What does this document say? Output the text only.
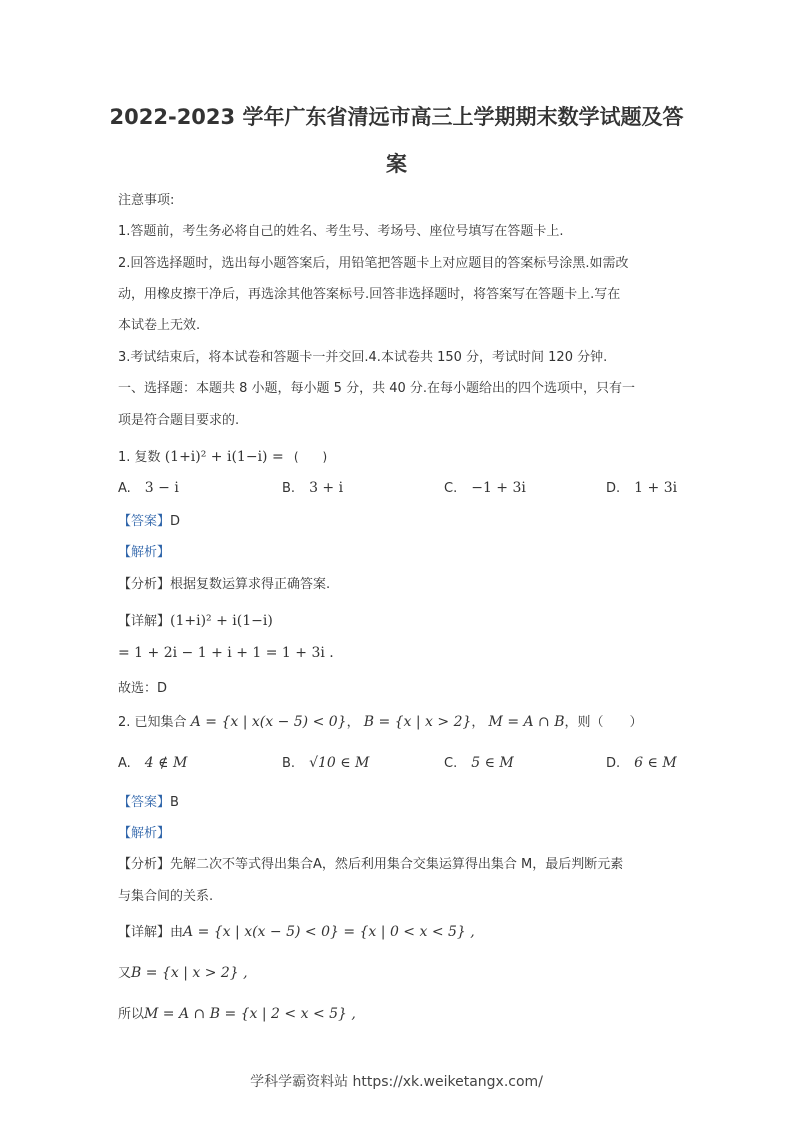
2022-2023 学年广东省清远市高三上学期期末数学试题及答
案
注意事项:
1.答题前，考生务必将自己的姓名、考生号、考场号、座位号填写在答题卡上.
2.回答选择题时，选出每小题答案后，用铅笔把答题卡上对应题目的答案标号涂黑.如需改
动，用橡皮擦干净后，再选涂其他答案标号.回答非选择题时，将答案写在答题卡上.写在
本试卷上无效.
3.考试结束后，将本试卷和答题卡一并交回.4.本试卷共 150 分，考试时间 120 分钟.
一、选择题：本题共 8 小题，每小题 5 分，共 40 分.在每小题给出的四个选项中，只有一
项是符合题目要求的.
1. 复数 (1+i)² + i(1−i) = (　　)
A. 3 − i	B. 3 + i	C. −1 + 3i	D. 1 + 3i
【答案】D
【解析】
【分析】根据复数运算求得正确答案.
【详解】(1+i)² + i(1−i)
= 1 + 2i − 1 + i + 1 = 1 + 3i .
故选：D
2. 已知集合 A = {x | x(x − 5) < 0}， B = {x | x > 2}， M = A ∩ B，则（　　）
A. 4 ∉ M	B. √10 ∈ M	C. 5 ∈ M	D. 6 ∈ M
【答案】B
【解析】
【分析】先解二次不等式得出集合A，然后利用集合交集运算得出集合 M，最后判断元素
与集合间的关系.
【详解】由A = {x | x(x − 5) < 0} = {x | 0 < x < 5} ,
又B = {x | x > 2} ,
所以M = A ∩ B = {x | 2 < x < 5} ,
学科学霸资料站 https://xk.weiketangx.com/
